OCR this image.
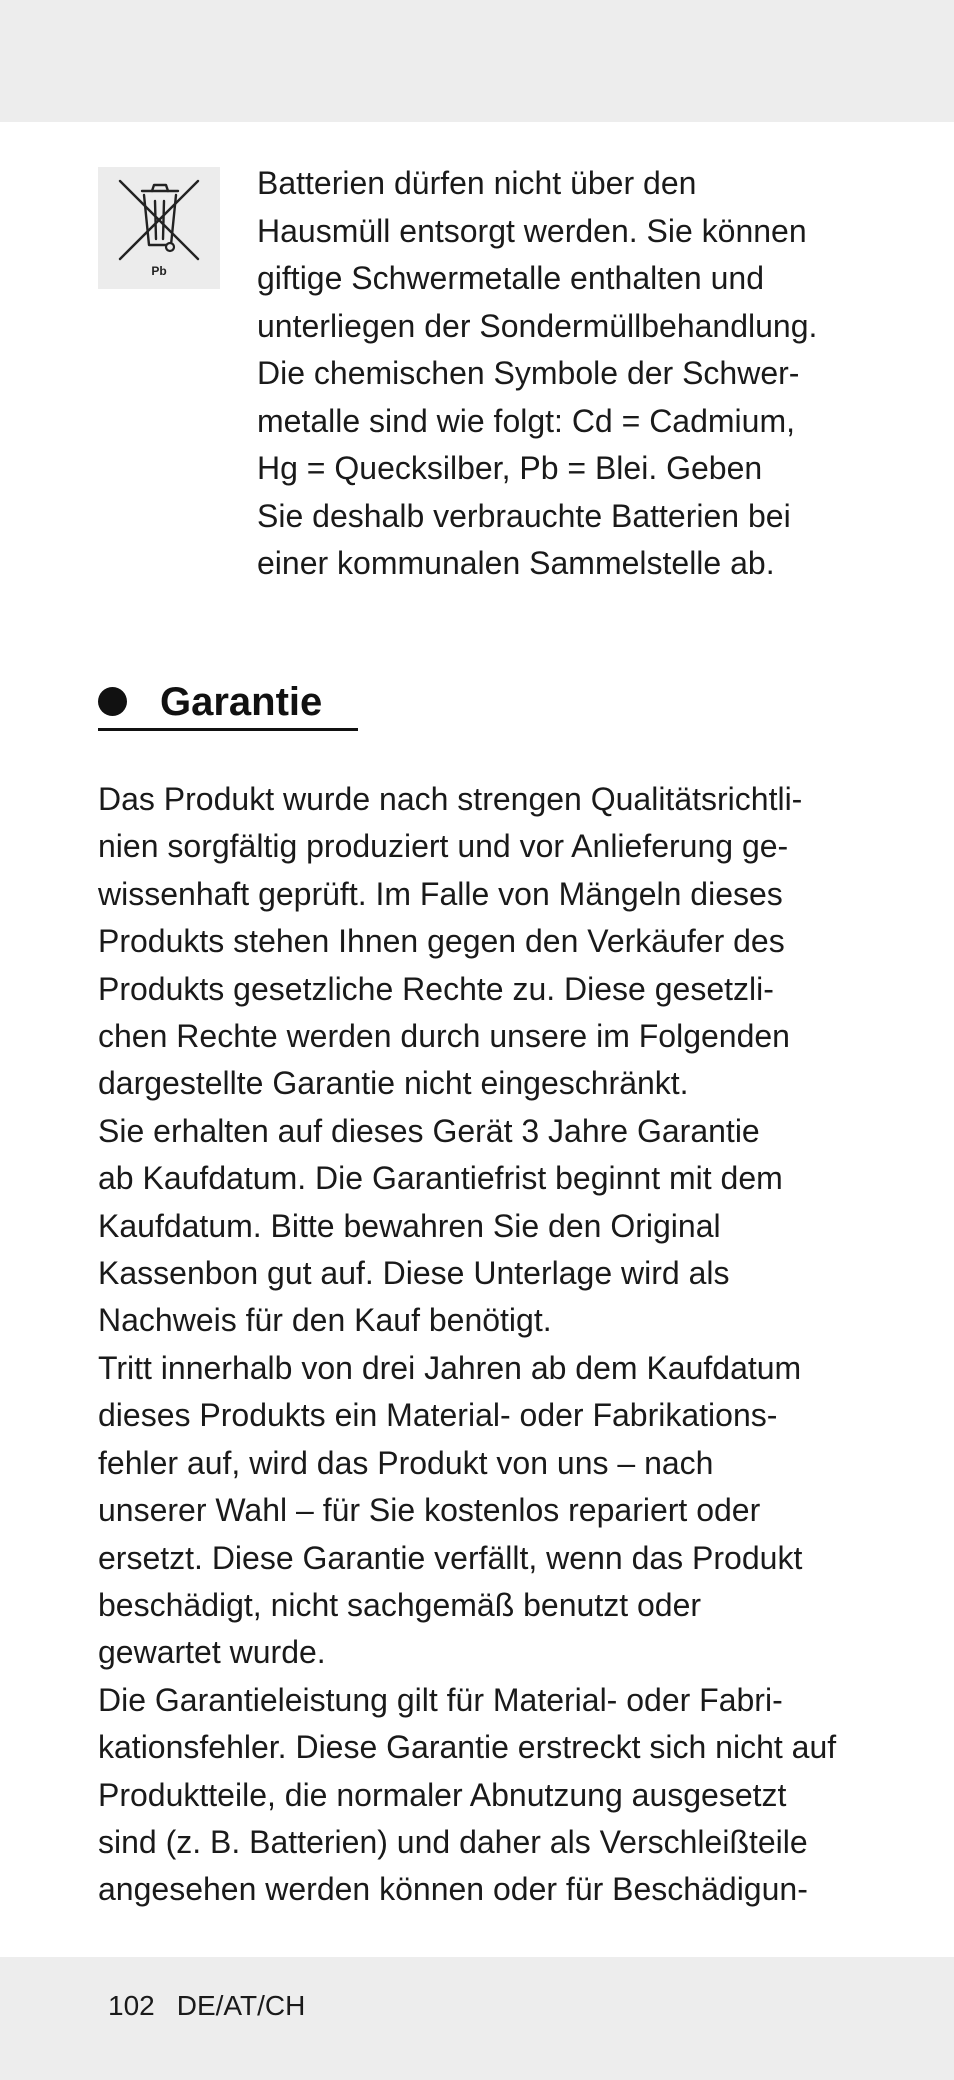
Pb

Batterien dürfen nicht über den
Hausmüll entsorgt werden. Sie können
giftige Schwermetalle enthalten und
unterliegen der Sondermüllbehandlung.
Die chemischen Symbole der Schwer-
metalle sind wie folgt: Cd = Cadmium,
Hg = Quecksilber, Pb = Blei. Geben
Sie deshalb verbrauchte Batterien bei
einer kommunalen Sammelstelle ab.

Garantie

Das Produkt wurde nach strengen Qualitätsrichtli-
nien sorgfältig produziert und vor Anlieferung ge-
wissenhaft geprüft. Im Falle von Mängeln dieses
Produkts stehen Ihnen gegen den Verkäufer des
Produkts gesetzliche Rechte zu. Diese gesetzli-
chen Rechte werden durch unsere im Folgenden
dargestellte Garantie nicht eingeschränkt.

Sie erhalten auf dieses Gerät 3 Jahre Garantie
ab Kaufdatum. Die Garantiefrist beginnt mit dem
Kaufdatum. Bitte bewahren Sie den Original
Kassenbon gut auf. Diese Unterlage wird als
Nachweis für den Kauf benötigt.

Tritt innerhalb von drei Jahren ab dem Kaufdatum
dieses Produkts ein Material- oder Fabrikations-
fehler auf, wird das Produkt von uns – nach
unserer Wahl – für Sie kostenlos repariert oder
ersetzt. Diese Garantie verfällt, wenn das Produkt
beschädigt, nicht sachgemäß benutzt oder
gewartet wurde.

Die Garantieleistung gilt für Material- oder Fabri-
kationsfehler. Diese Garantie erstreckt sich nicht auf
Produktteile, die normaler Abnutzung ausgesetzt
sind (z. B. Batterien) und daher als Verschleißteile
angesehen werden können oder für Beschädigun-

102 DE/AT/CH
